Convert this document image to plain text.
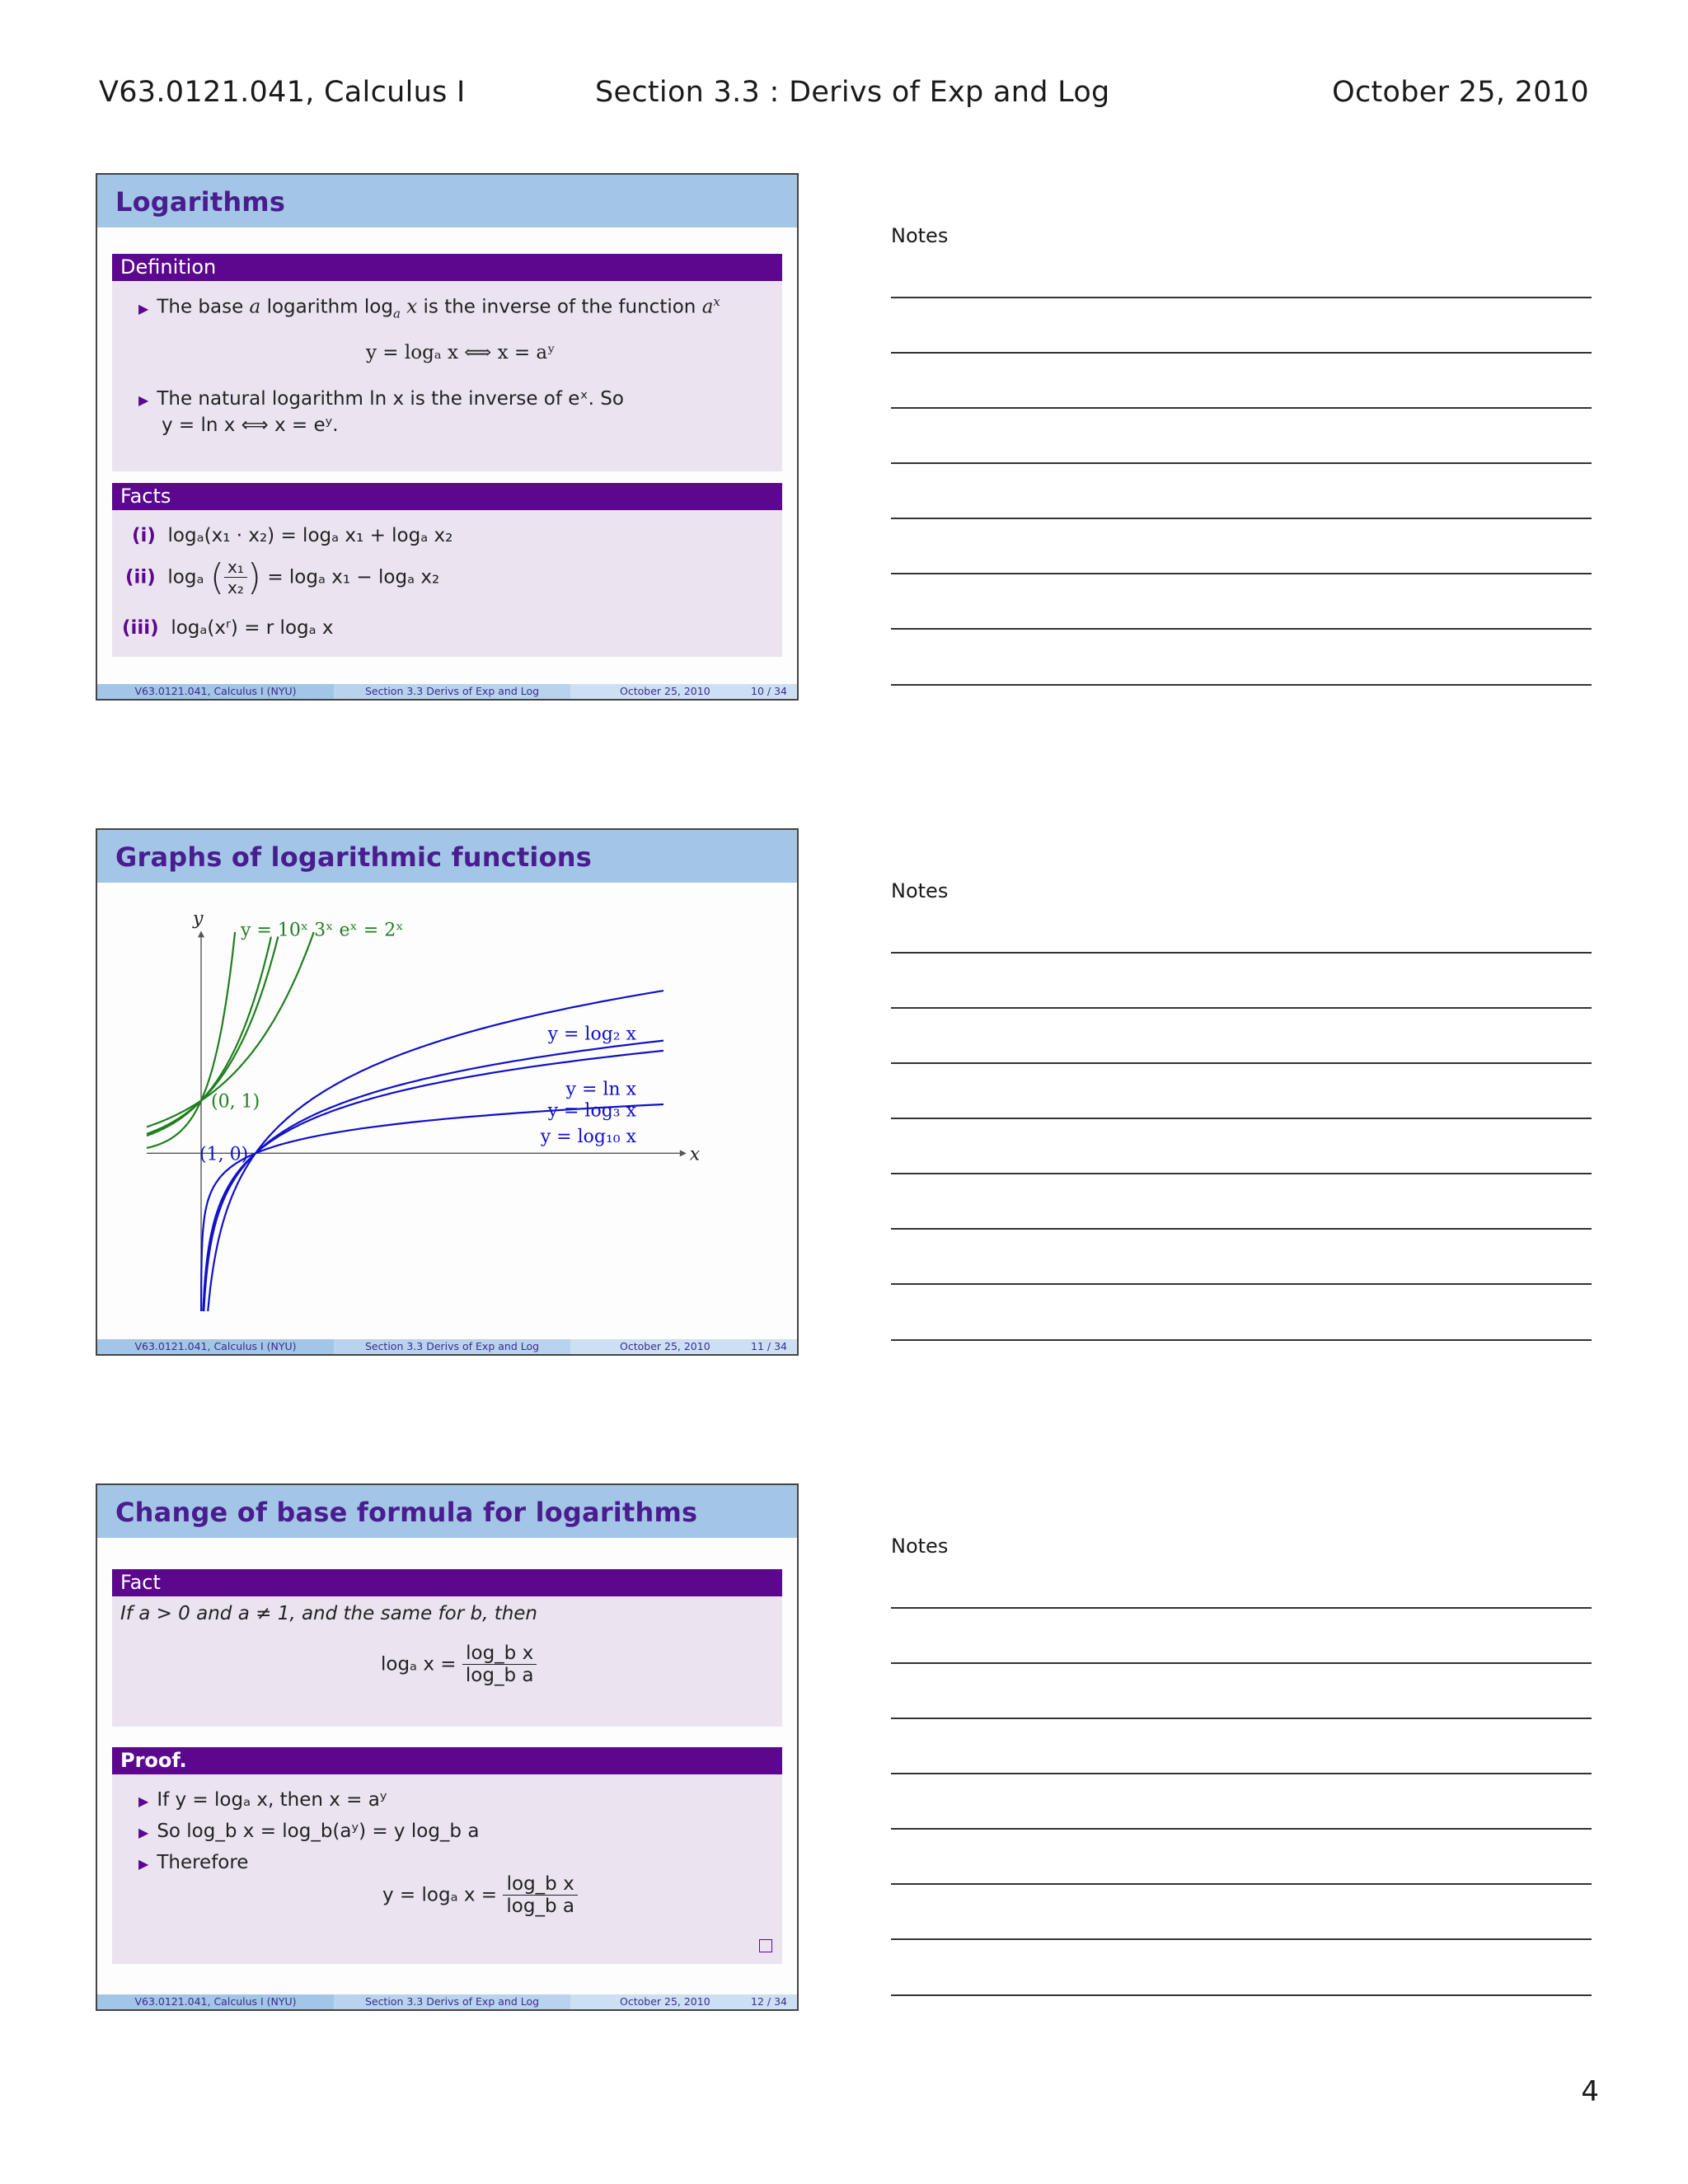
V63.0121.041, Calculus I	Section 3.3 : Derivs of Exp and Log	October 25, 2010
Logarithms
Definition
▶ The base a logarithm $\log_a x$ is the inverse of the function $a^x$
y = logₐ x ⟺ x = aʸ
▶ The natural logarithm ln x is the inverse of eˣ. So
y = ln x ⟺ x = eʸ.
Facts
(i) logₐ(x₁ · x₂) = logₐ x₁ + logₐ x₂
(ii) logₐ ( $\frac{\text{x₁}}{\text{x₂}}$ ) = logₐ x₁ − logₐ x₂
(iii) logₐ(xʳ) = r logₐ x
V63.0121.041, Calculus I (NYU)	Section 3.3 Derivs of Exp and Log	October 25, 2010	10 / 34
Graphs of logarithmic functions
x
y
y = log₂ x
y = ln x
y = log₃ x
y = log₁₀ x
y = 10ˣ 3ˣ eˣ = 2ˣ
(0, 1)
(1, 0)
V63.0121.041, Calculus I (NYU)	Section 3.3 Derivs of Exp and Log	October 25, 2010	11 / 34
Change of base formula for logarithms
Fact
If a > 0 and a ≠ 1, and the same for b, then
logₐ $x = \frac{\text{log\_b x}}{\text{log\_b a}}$
Proof.
▶ If y = logₐ x, then x = aʸ
▶ So log_b x = log_b(aʸ) = y log_b a
▶ Therefore
y = logₐ $x = \frac{\text{log\_b x}}{\text{log\_b a}}$
V63.0121.041, Calculus I (NYU)	Section 3.3 Derivs of Exp and Log	October 25, 2010	12 / 34
Notes
Notes
Notes
4
